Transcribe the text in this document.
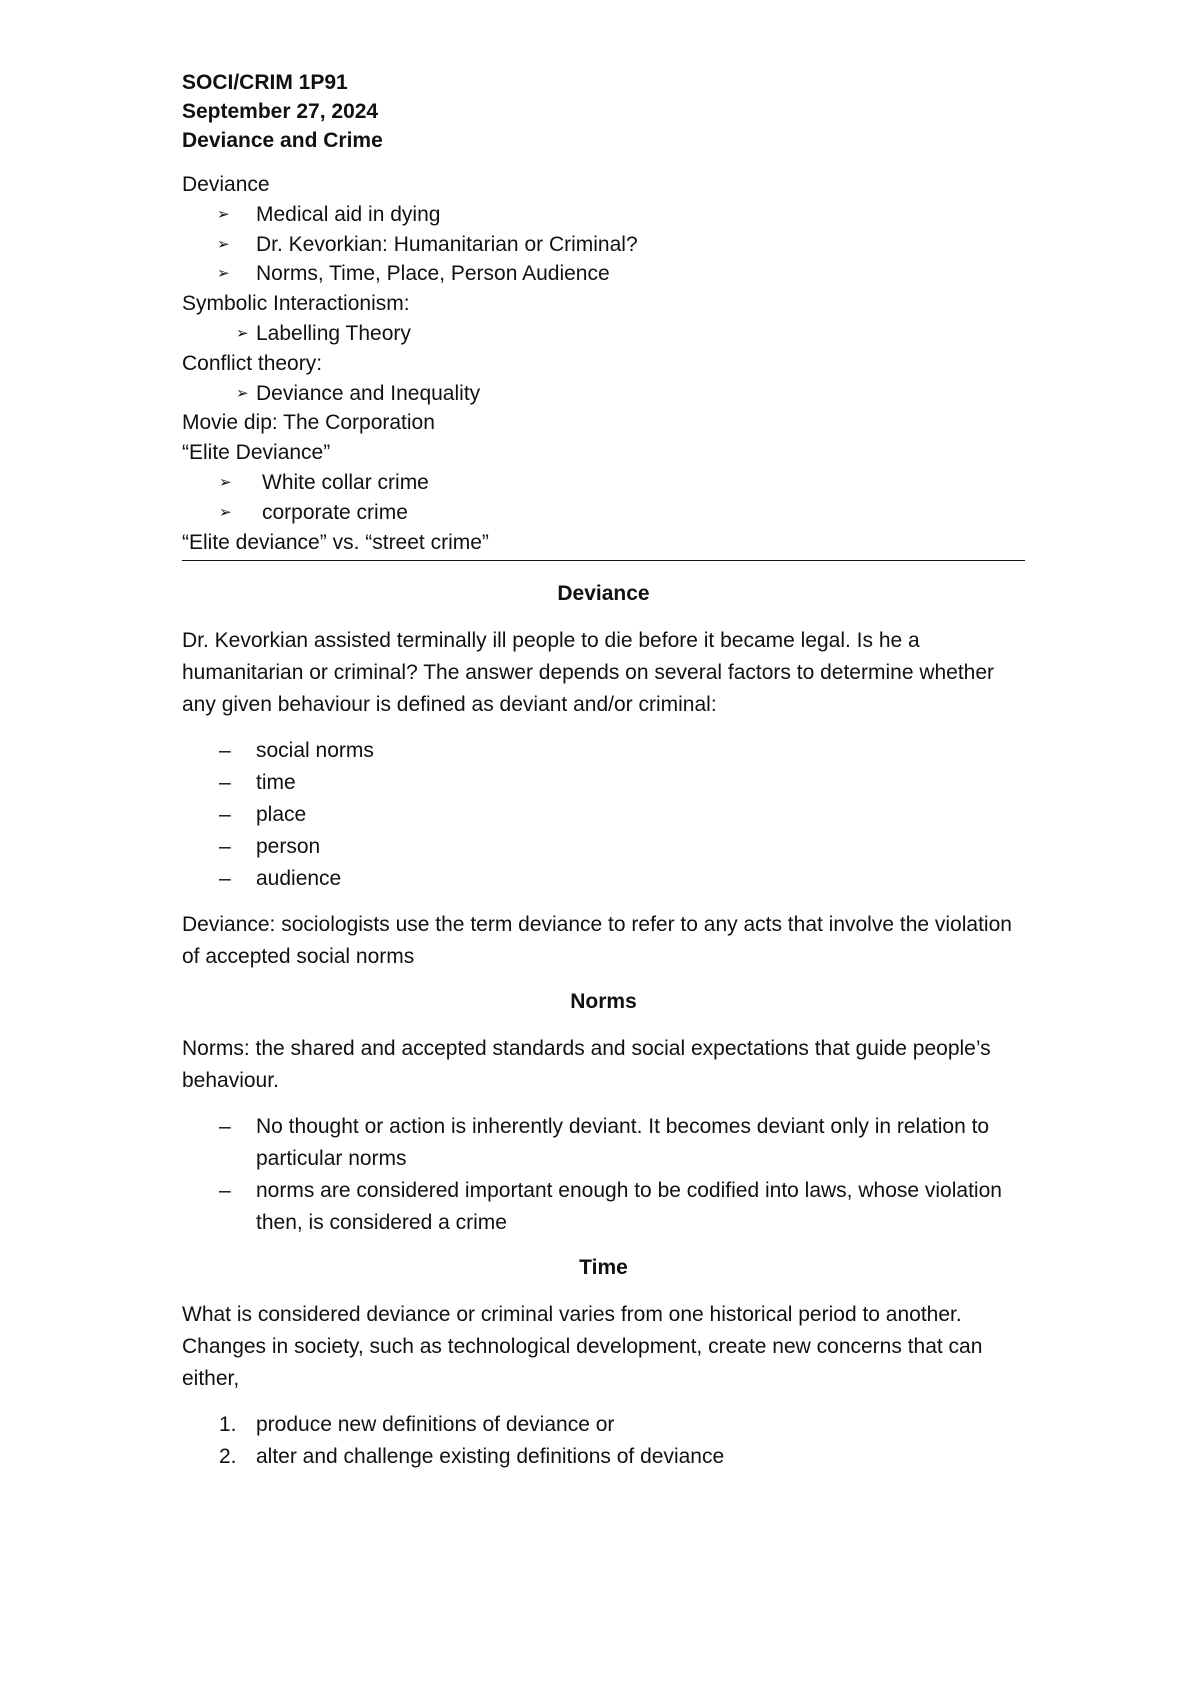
SOCI/CRIM 1P91
September 27, 2024
Deviance and Crime
Deviance
➢ Medical aid in dying
➢ Dr. Kevorkian: Humanitarian or Criminal?
➢ Norms, Time, Place, Person Audience
Symbolic Interactionism:
➢ Labelling Theory
Conflict theory:
➢ Deviance and Inequality
Movie dip: The Corporation
“Elite Deviance”
➢ White collar crime
➢ corporate crime
“Elite deviance” vs. “street crime”
Deviance
Dr. Kevorkian assisted terminally ill people to die before it became legal. Is he a humanitarian or criminal? The answer depends on several factors to determine whether any given behaviour is defined as deviant and/or criminal:
– social norms
– time
– place
– person
– audience
Deviance: sociologists use the term deviance to refer to any acts that involve the violation of accepted social norms
Norms
Norms: the shared and accepted standards and social expectations that guide people’s behaviour.
– No thought or action is inherently deviant. It becomes deviant only in relation to particular norms
– norms are considered important enough to be codified into laws, whose violation then, is considered a crime
Time
What is considered deviance or criminal varies from one historical period to another. Changes in society, such as technological development, create new concerns that can either,
1. produce new definitions of deviance or
2. alter and challenge existing definitions of deviance
